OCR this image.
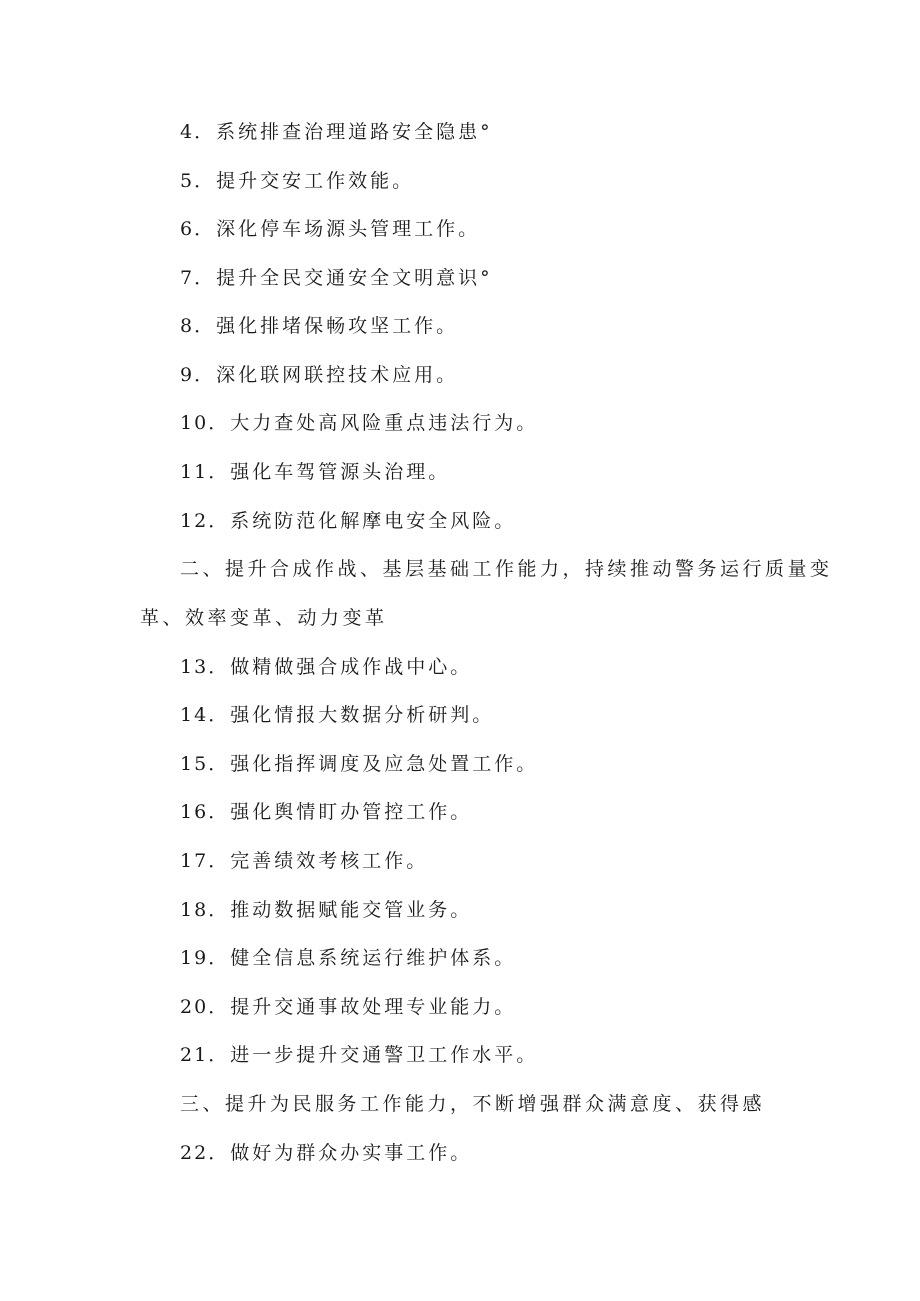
4．系统排查治理道路安全隐患°
5．提升交安工作效能。
6．深化停车场源头管理工作。
7．提升全民交通安全文明意识°
8．强化排堵保畅攻坚工作。
9．深化联网联控技术应用。
10．大力查处高风险重点违法行为。
11．强化车驾管源头治理。
12．系统防范化解摩电安全风险。
二、提升合成作战、基层基础工作能力，持续推动警务运行质量变
革、效率变革、动力变革
13．做精做强合成作战中心。
14．强化情报大数据分析研判。
15．强化指挥调度及应急处置工作。
16．强化舆情盯办管控工作。
17．完善绩效考核工作。
18．推动数据赋能交管业务。
19．健全信息系统运行维护体系。
20．提升交通事故处理专业能力。
21．进一步提升交通警卫工作水平。
三、提升为民服务工作能力，不断增强群众满意度、获得感
22．做好为群众办实事工作。
